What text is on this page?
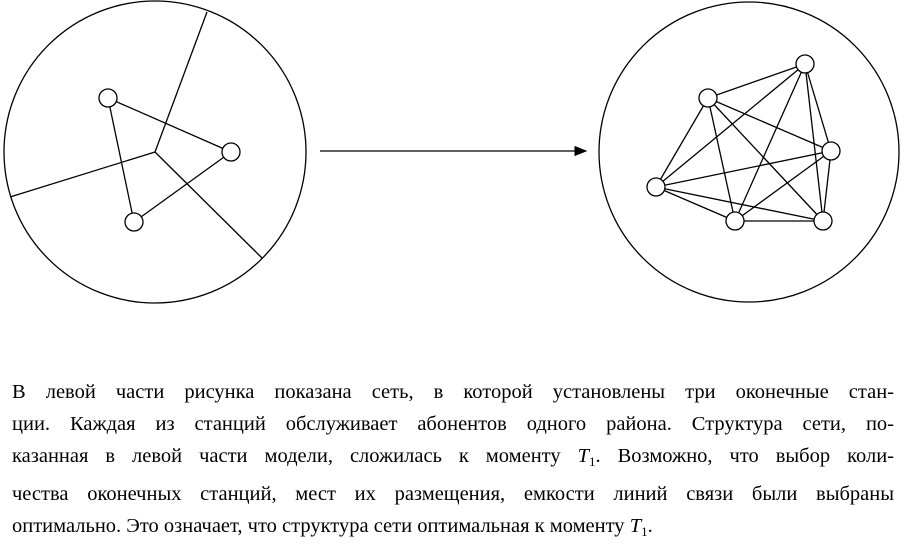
В левой части рисунка показана сеть, в которой установлены три оконечные стан-
ции. Каждая из станций обслуживает абонентов одного района. Структура сети, по-
казанная в левой части модели, сложилась к моменту $T_1$. Возможно, что выбор коли-
чества оконечных станций, мест их размещения, емкости линий связи были выбраны
оптимально. Это означает, что структура сети оптимальная к моменту $T_1$.
